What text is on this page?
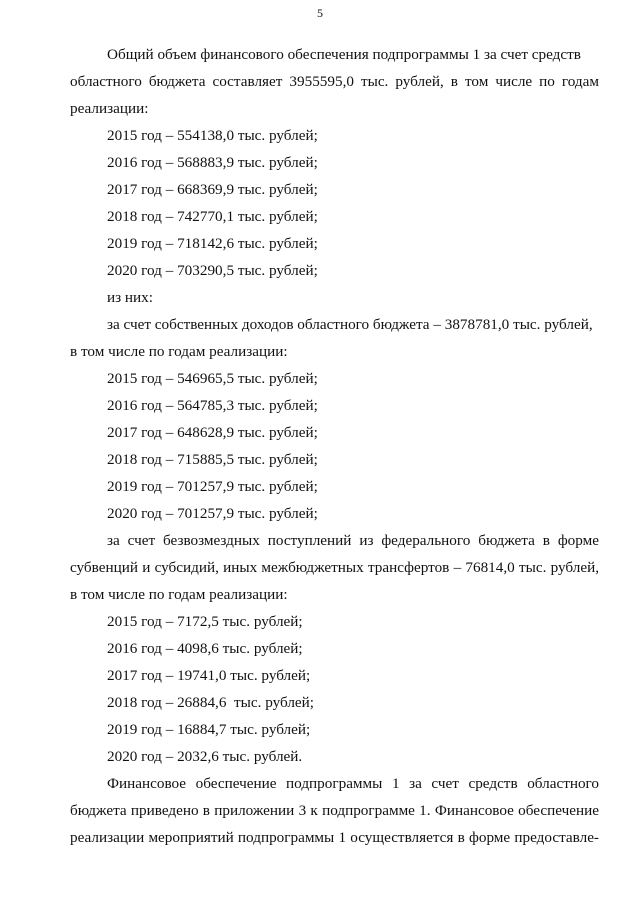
5
Общий объем финансового обеспечения подпрограммы 1 за счет средств
областного бюджета составляет 3955595,0 тыс. рублей, в том числе по годам
реализации:
2015 год – 554138,0 тыс. рублей;
2016 год – 568883,9 тыс. рублей;
2017 год – 668369,9 тыс. рублей;
2018 год – 742770,1 тыс. рублей;
2019 год – 718142,6 тыс. рублей;
2020 год – 703290,5 тыс. рублей;
из них:
за счет собственных доходов областного бюджета – 3878781,0 тыс. рублей,
в том числе по годам реализации:
2015 год – 546965,5 тыс. рублей;
2016 год – 564785,3 тыс. рублей;
2017 год – 648628,9 тыс. рублей;
2018 год – 715885,5 тыс. рублей;
2019 год – 701257,9 тыс. рублей;
2020 год – 701257,9 тыс. рублей;
за счет безвозмездных поступлений из федерального бюджета в форме
субвенций и субсидий, иных межбюджетных трансфертов – 76814,0 тыс. рублей,
в том числе по годам реализации:
2015 год – 7172,5 тыс. рублей;
2016 год – 4098,6 тыс. рублей;
2017 год – 19741,0 тыс. рублей;
2018 год – 26884,6  тыс. рублей;
2019 год – 16884,7 тыс. рублей;
2020 год – 2032,6 тыс. рублей.
Финансовое обеспечение подпрограммы 1 за счет средств областного
бюджета приведено в приложении 3 к подпрограмме 1. Финансовое обеспечение
реализации мероприятий подпрограммы 1 осуществляется в форме предоставле-
